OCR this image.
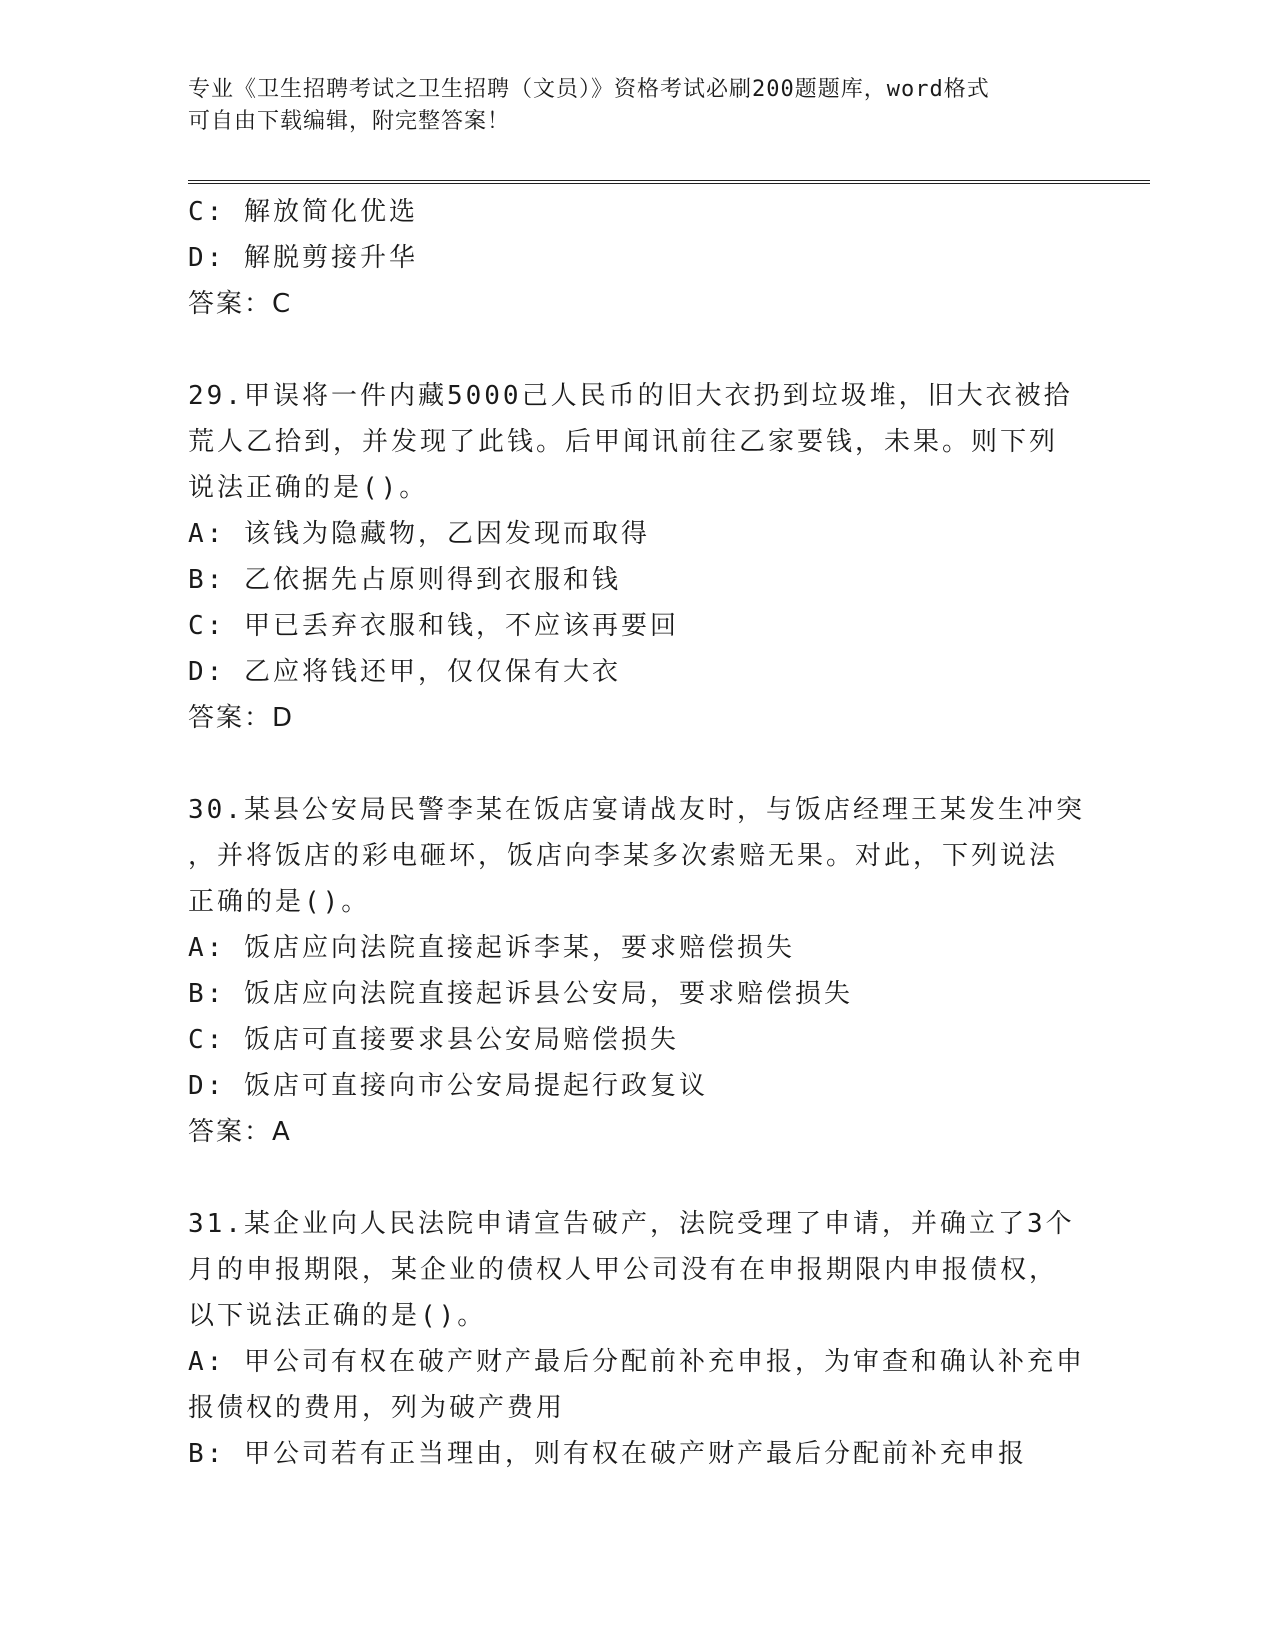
专业《卫生招聘考试之卫生招聘（文员）》资格考试必刷200题题库，word格式
可自由下载编辑，附完整答案！
C: 解放简化优选
D: 解脱剪接升华
答案：C
29.甲误将一件内藏5000己人民币的旧大衣扔到垃圾堆，旧大衣被拾
荒人乙拾到，并发现了此钱。后甲闻讯前往乙家要钱，未果。则下列
说法正确的是()。
A: 该钱为隐藏物，乙因发现而取得
B: 乙依据先占原则得到衣服和钱
C: 甲已丢弃衣服和钱，不应该再要回
D: 乙应将钱还甲，仅仅保有大衣
答案：D
30.某县公安局民警李某在饭店宴请战友时，与饭店经理王某发生冲突
，并将饭店的彩电砸坏，饭店向李某多次索赔无果。对此，下列说法
正确的是()。
A: 饭店应向法院直接起诉李某，要求赔偿损失
B: 饭店应向法院直接起诉县公安局，要求赔偿损失
C: 饭店可直接要求县公安局赔偿损失
D: 饭店可直接向市公安局提起行政复议
答案：A
31.某企业向人民法院申请宣告破产，法院受理了申请，并确立了3个
月的申报期限，某企业的债权人甲公司没有在申报期限内申报债权，
以下说法正确的是()。
A: 甲公司有权在破产财产最后分配前补充申报，为审查和确认补充申
报债权的费用，列为破产费用
B: 甲公司若有正当理由，则有权在破产财产最后分配前补充申报
